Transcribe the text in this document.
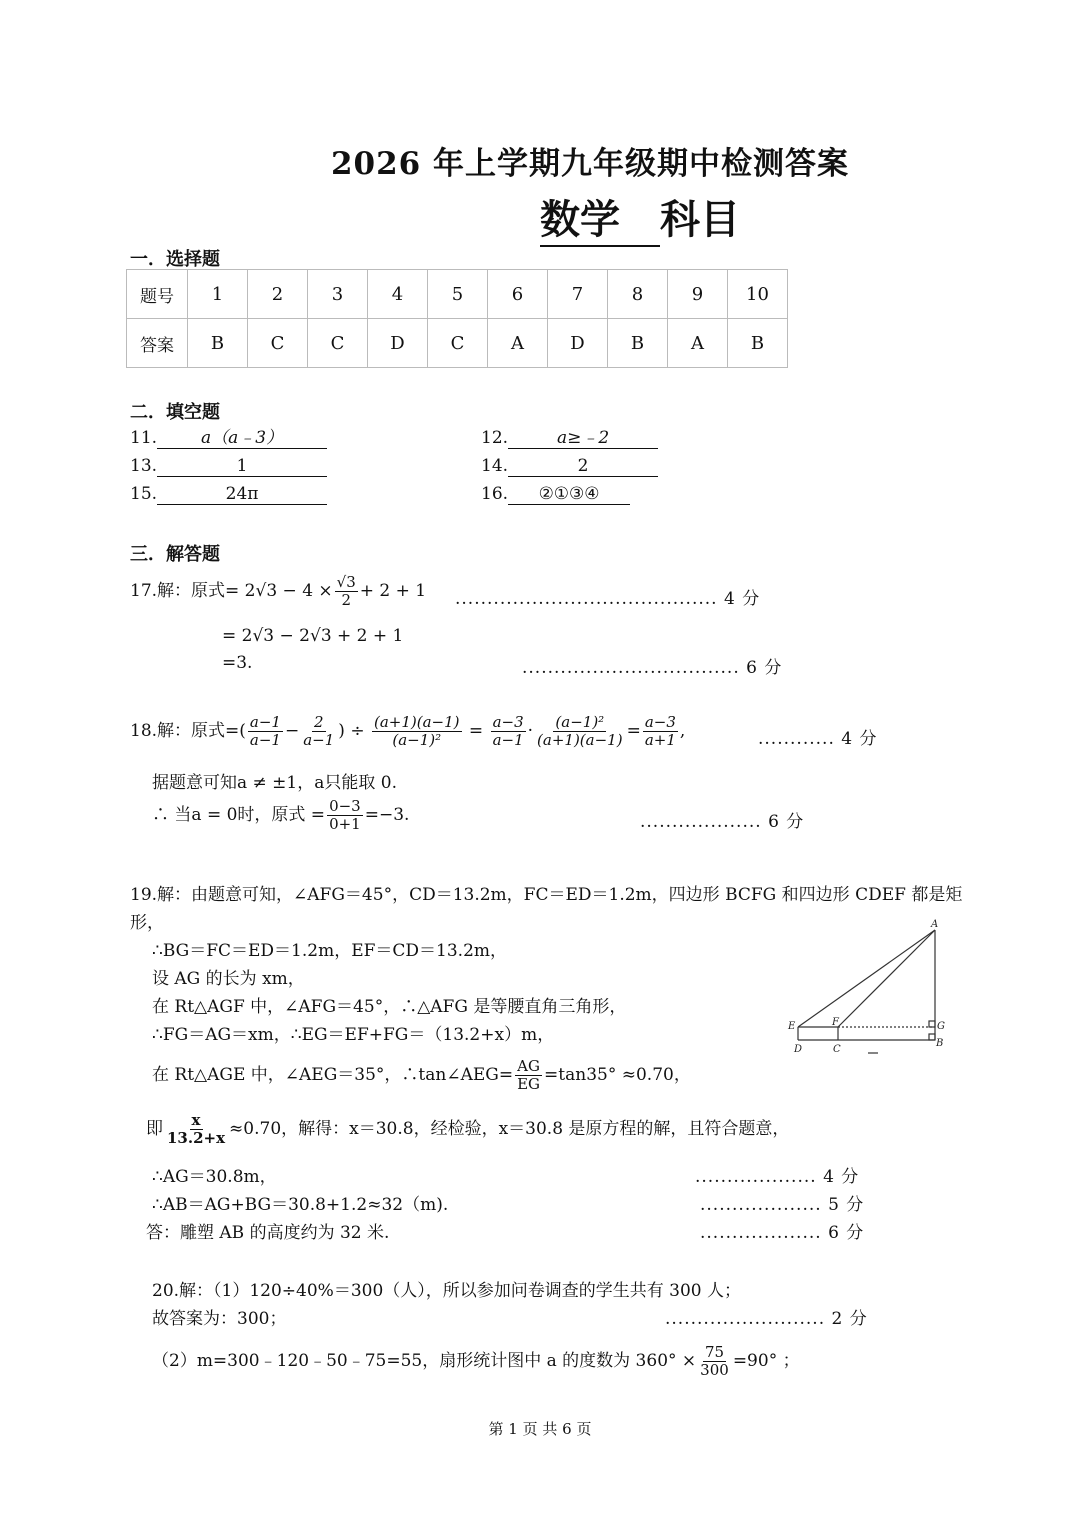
2026 年上学期九年级期中检测答案
数学 科目
一．选择题
题号	1	2	3	4	5	6	7	8	9	10
答案	B	C	C	D	C	A	D	B	A	B
二．填空题
11.	a（a﹣3）	12.	a≥﹣2
13.	1	14.	2
15.	24π	16. ②①③④
三．解答题
17.解：原式= $2√3 - 4 \times \frac{√3}{2} + 2 + 1$ ......................................... 4 分
= 2√3 − 2√3 + 2 + 1
=3.	.................................. 6 分
18.解：原式=( $\frac{a-1}{a-1} - \frac{2}{a-1}$ ) ÷ $\frac{(a+1)(a-1)}{\text{(a−1)²}} = \frac{a-3}{a-1} \cdot \frac{\text{(a−1)²}}{(a+1)(a-1)} = \frac{a-3}{a+1}$ ,	............ 4 分
据题意可知a ≠ ±1，a只能取 0.
∴ 当a = 0时，原式 = $\frac{0-3}{0+1} =-3$.	................... 6 分
19.解：由题意可知，∠AFG＝45°，CD＝13.2m，FC＝ED＝1.2m，四边形 BCFG 和四边形 CDEF 都是矩
形，
∴BG＝FC＝ED＝1.2m，EF＝CD＝13.2m，
设 AG 的长为 xm，
在 Rt△AGF 中，∠AFG＝45°，∴△AFG 是等腰直角三角形，
∴FG＝AG＝xm，∴EG＝EF+FG＝（13.2+x）m，
在 Rt△AGE 中，∠AEG＝35°，∴tan∠AEG= $\frac{AG}{EG} =\tan 35^\circ \approx 0.70$，
即 $\frac{x}{13.2+x} \approx 0.70$，解得：x＝30.8，经检验，x＝30.8 是原方程的解，且符合题意，
∴AG＝30.8m，	................... 4 分
∴AB＝AG+BG＝30.8+1.2≈32（m).	................... 5 分
答：雕塑 AB 的高度约为 32 米.	................... 6 分
A
E	F	G
D	C
B
20.解：（1）120÷40%＝300（人），所以参加问卷调查的学生共有 300 人；
故答案为：300；	......................... 2 分
（2）m=300﹣120﹣50﹣75=55，扇形统计图中 a 的度数为 $360^\circ \times \frac{75}{300} =90^\circ$ ；
第 1 页 共 6 页
